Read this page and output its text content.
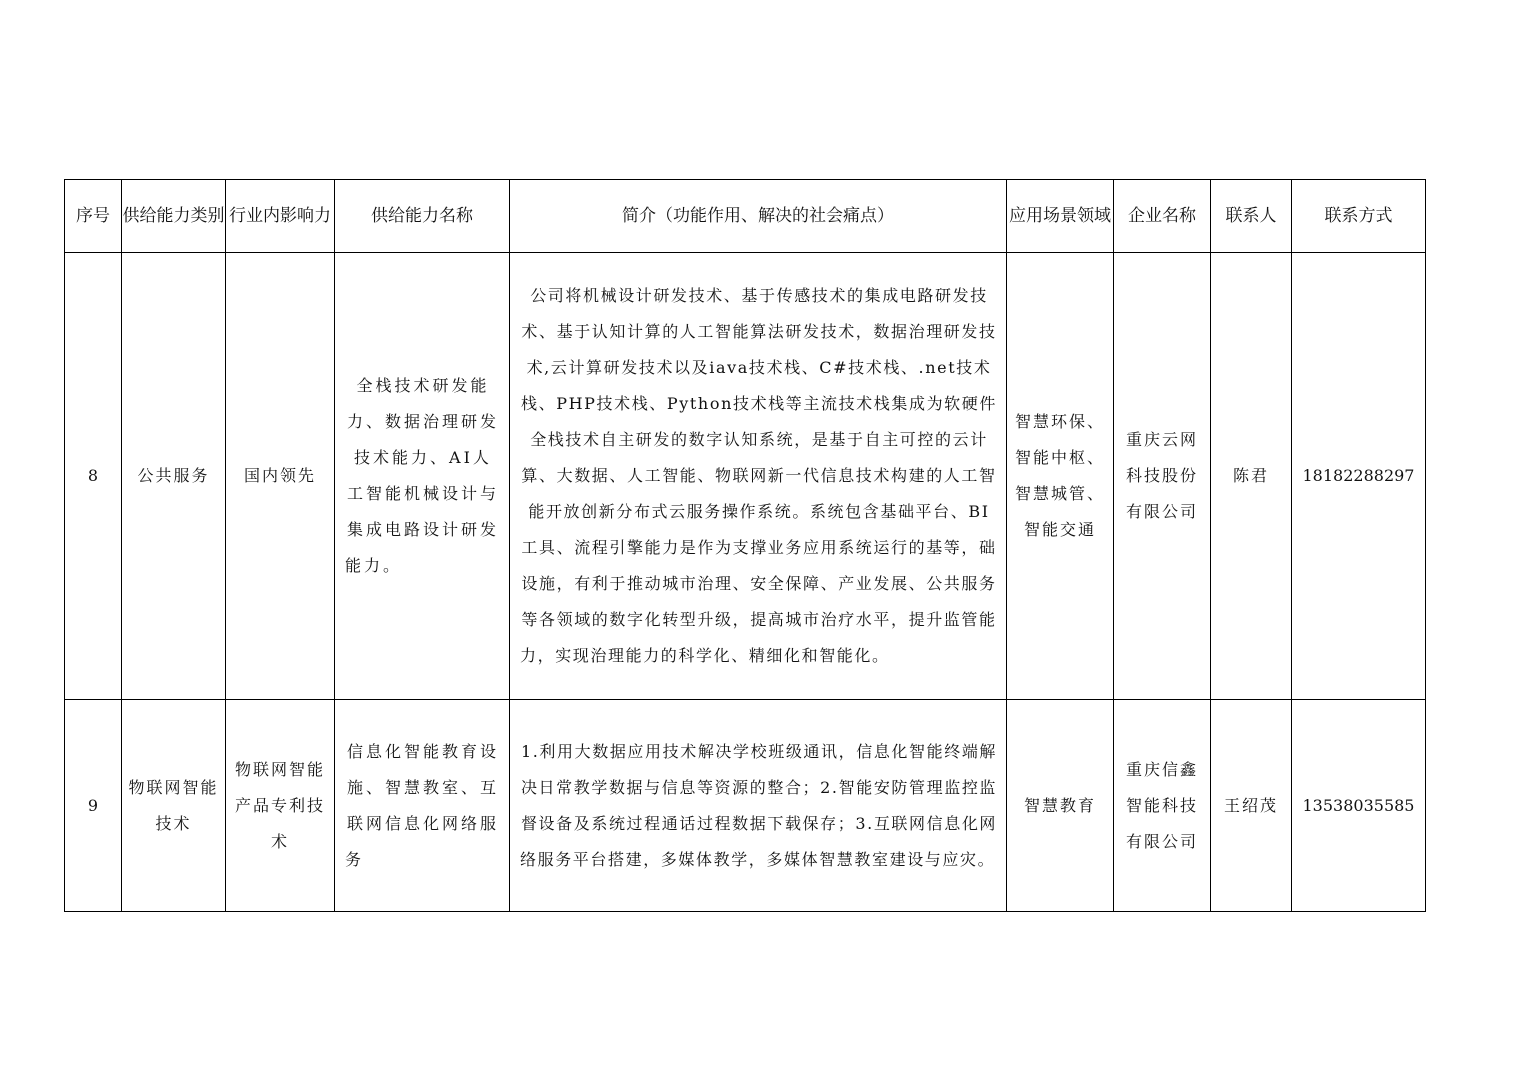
序号	供给能力类别	行业内影响力	供给能力名称	简介（功能作用、解决的社会痛点）	应用场景领域	企业名称	联系人	联系方式
8	公共服务	国内领先	全栈技术研发能力、数据治理研发技术能力、AI人工智能机械设计与集成电路设计研发能力。	公司将机械设计研发技术、基于传感技术的集成电路研发技术、基于认知计算的人工智能算法研发技术，数据治理研发技术,云计算研发技术以及iava技术栈、C#技术栈、.net技术栈、PHP技术栈、Python技术栈等主流技术栈集成为软硬件全栈技术自主研发的数字认知系统，是基于自主可控的云计算、大数据、人工智能、物联网新一代信息技术构建的人工智能开放创新分布式云服务操作系统。系统包含基础平台、BI工具、流程引擎能力是作为支撑业务应用系统运行的基等，础设施，有利于推动城市治理、安全保障、产业发展、公共服务等各领域的数字化转型升级，提高城市治疗水平，提升监管能力，实现治理能力的科学化、精细化和智能化。	智慧环保、智能中枢、智慧城管、智能交通	重庆云网科技股份有限公司	陈君	18182288297
9	物联网智能技术	物联网智能产品专利技术	信息化智能教育设施、智慧教室、互联网信息化网络服务	1.利用大数据应用技术解决学校班级通讯，信息化智能终端解决日常教学数据与信息等资源的整合；2.智能安防管理监控监督设备及系统过程通话过程数据下载保存；3.互联网信息化网络服务平台搭建，多媒体教学，多媒体智慧教室建设与应灾。	智慧教育	重庆信鑫智能科技有限公司	王绍茂	13538035585
